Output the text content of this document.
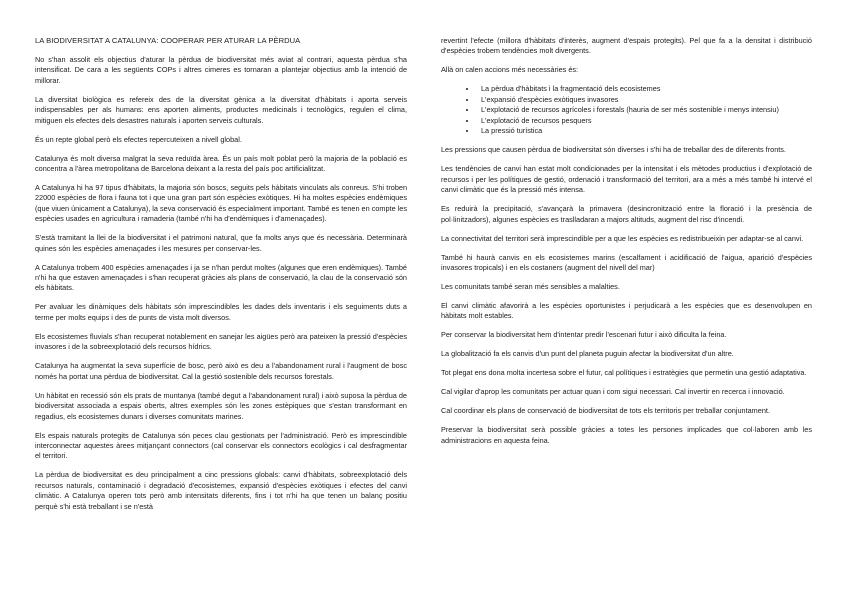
LA BIODIVERSITAT A CATALUNYA: COOPERAR PER ATURAR LA PÈRDUA

No s'han assolit els objectius d'aturar la pèrdua de biodiversitat més aviat al contrari, aquesta pèrdua s'ha intensificat. De cara a les següents COPs i altres cimeres es tornaran a plantejar objectius amb la intenció de millorar.

La diversitat biològica es refereix des de la diversitat gènica a la diversitat d'hàbitats i aporta serveis indispensables per als humans: ens aporten aliments, productes medicinals i tecnològics, regulen el clima, mitiguen els efectes dels desastres naturals i aporten serveis culturals.

És un repte global però els efectes repercuteixen a nivell global.

Catalunya és molt diversa malgrat la seva reduïda àrea. És un país molt poblat però la majoria de la població es concentra a l'àrea metropolitana de Barcelona deixant a la resta del país poc artificialitzat.

A Catalunya hi ha 97 tipus d'hàbitats, la majoria són boscs, seguits pels hàbitats vinculats als conreus. S'hi troben 22000 espècies de flora i fauna tot i que una gran part són espècies exòtiques. Hi ha moltes espècies endèmiques (que viuen únicament a Catalunya), la seva conservació és especialment important. També es tenen en compte les espècies usades en agricultura i ramaderia (també n'hi ha d'endèmiques i d'amenaçades).

S'està tramitant la llei de la biodiversitat i el patrimoni natural, que fa molts anys que és necessària. Determinarà quines són les espècies amenaçades i les mesures per conservar-les.

A Catalunya trobem 400 espècies amenaçades i ja se n'han perdut moltes (algunes que eren endèmiques). També n'hi ha que estaven amenaçades i s'han recuperat gràcies als plans de conservació, la clau de la conservació són els hàbitats.

Per avaluar les dinàmiques dels hàbitats són imprescindibles les dades dels inventaris i els seguiments duts a terme per molts equips i des de punts de vista molt diversos.

Els ecosistemes fluvials s'han recuperat notablement en sanejar les aigües però ara pateixen la pressió d'espècies invasores i de la sobreexplotació dels recursos hídrics.

Catalunya ha augmentat la seva superfície de bosc, però això es deu a l'abandonament rural i l'augment de bosc només ha portat una pèrdua de biodiversitat. Cal la gestió sostenible dels recursos forestals.

Un hàbitat en recessió són els prats de muntanya (també degut a l'abandonament rural) i això suposa la pèrdua de biodiversitat associada a espais oberts, altres exemples són les zones estèpiques que s'estan transformant en regadius, els ecosistemes dunars i diverses comunitats marines.

Els espais naturals protegits de Catalunya són peces clau gestionats per l'administració. Però es imprescindible interconnectar aquestes àrees mitjançant connectors (cal conservar els connectors ecològics i cal desfragmentar el territori.

La pèrdua de biodiversitat es deu principalment a cinc pressions globals: canvi d'hàbitats, sobreexplotació dels recursos naturals, contaminació i degradació d'ecosistemes, expansió d'espècies exòtiques i efectes del canvi climàtic. A Catalunya operen tots però amb intensitats diferents, fins i tot n'hi ha que tenen un balanç positiu perquè s'hi està treballant i se n'està

revertint l'efecte (millora d'hàbitats d'interès, augment d'espais protegits). Pel que fa a la densitat i distribució d'espècies trobem tendències molt divergents.

Allà on calen accions més necessàries és:

• La pèrdua d'hàbitats i la fragmentació dels ecosistemes
• L'expansió d'espècies exòtiques invasores
• L'explotació de recursos agrícoles i forestals (hauria de ser més sostenible i menys intensiu)
• L'explotació de recursos pesquers
• La pressió turística

Les pressions que causen pèrdua de biodiversitat són diverses i s'hi ha de treballar des de diferents fronts.

Les tendències de canvi han estat molt condicionades per la intensitat i els mètodes productius i d'explotació de recursos i per les polítiques de gestió, ordenació i transformació del territori, ara a més a més també hi intervé el canvi climàtic que és la pressió més intensa.

Es reduirà la precipitació, s'avançarà la primavera (desincronització entre la floració i la presència de pol·linitzadors), algunes espècies es traslladaran a majors altituds, augment del risc d'incendi.

La connectivitat del territori serà imprescindible per a que les espècies es redistribueixin per adaptar-se al canvi.

També hi haurà canvis en els ecosistemes marins (escalfament i acidificació de l'aigua, aparició d'espècies invasores tropicals) i en els costaners (augment del nivell del mar)

Les comunitats també seran més sensibles a malalties.

El canvi climàtic afavorirà a les espècies oportunistes i perjudicarà a les espècies que es desenvolupen en hàbitats molt estables.

Per conservar la biodiversitat hem d'intentar predir l'escenari futur i això dificulta la feina.

La globalització fa els canvis d'un punt del planeta puguin afectar la biodiversitat d'un altre.

Tot plegat ens dona molta incertesa sobre el futur, cal polítiques i estratègies que permetin una gestió adaptativa.

Cal vigilar d'aprop les comunitats per actuar quan i com sigui necessari. Cal invertir en recerca i innovació.

Cal coordinar els plans de conservació de biodiversitat de tots els territoris per treballar conjuntament.

Preservar la biodiversitat serà possible gràcies a totes les persones implicades que col·laboren amb les administracions en aquesta feina.
